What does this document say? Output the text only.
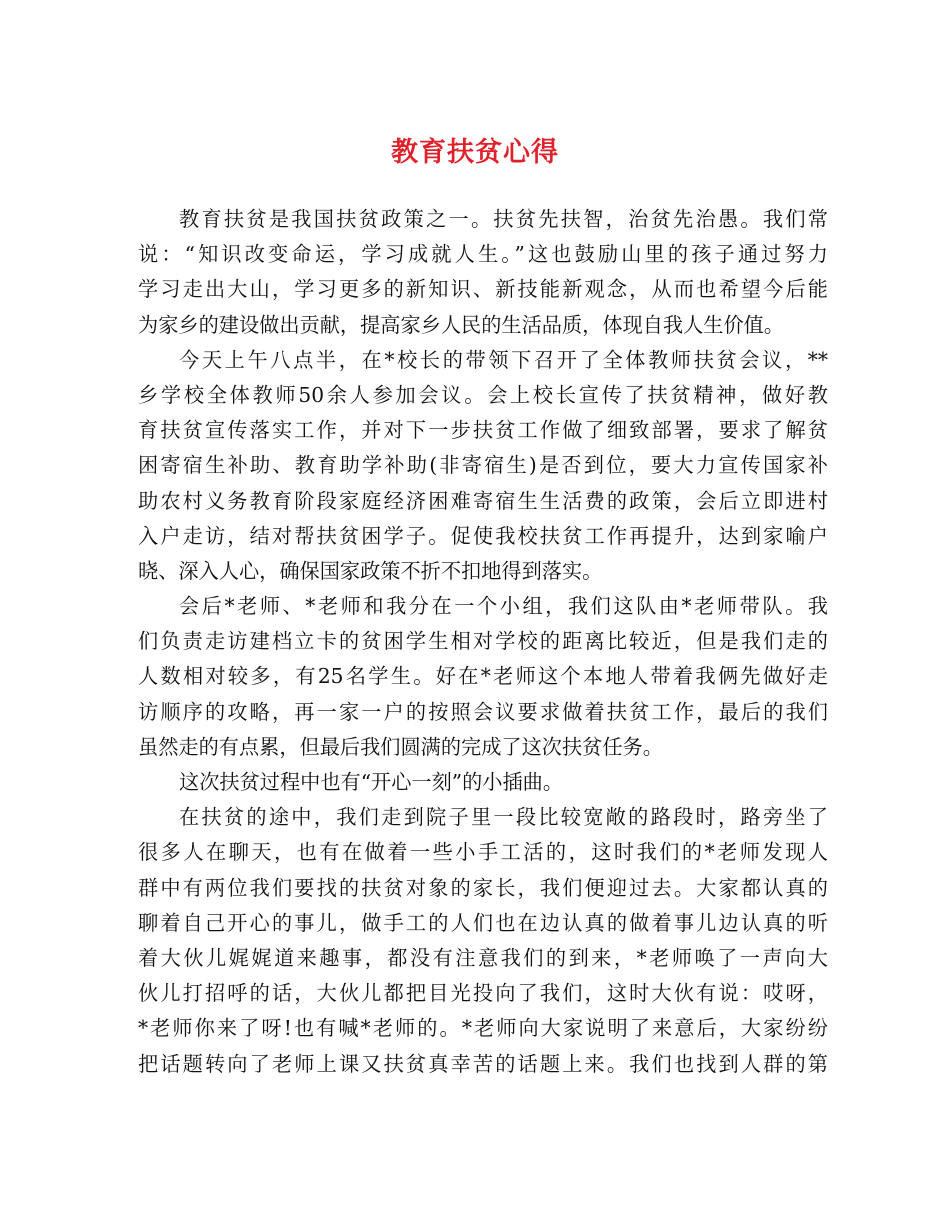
教育扶贫心得
教育扶贫是我国扶贫政策之一。扶贫先扶智，治贫先治愚。我们常
说：“知识改变命运，学习成就人生。”这也鼓励山里的孩子通过努力
学习走出大山，学习更多的新知识、新技能新观念，从而也希望今后能
为家乡的建设做出贡献，提高家乡人民的生活品质，体现自我人生价值。
今天上午八点半，在*校长的带领下召开了全体教师扶贫会议，**
乡学校全体教师50余人参加会议。会上校长宣传了扶贫精神，做好教
育扶贫宣传落实工作，并对下一步扶贫工作做了细致部署，要求了解贫
困寄宿生补助、教育助学补助(非寄宿生)是否到位，要大力宣传国家补
助农村义务教育阶段家庭经济困难寄宿生生活费的政策，会后立即进村
入户走访，结对帮扶贫困学子。促使我校扶贫工作再提升，达到家喻户
晓、深入人心，确保国家政策不折不扣地得到落实。
会后*老师、*老师和我分在一个小组，我们这队由*老师带队。我
们负责走访建档立卡的贫困学生相对学校的距离比较近，但是我们走的
人数相对较多，有25名学生。好在*老师这个本地人带着我俩先做好走
访顺序的攻略，再一家一户的按照会议要求做着扶贫工作，最后的我们
虽然走的有点累，但最后我们圆满的完成了这次扶贫任务。
这次扶贫过程中也有“开心一刻”的小插曲。
在扶贫的途中，我们走到院子里一段比较宽敞的路段时，路旁坐了
很多人在聊天，也有在做着一些小手工活的，这时我们的*老师发现人
群中有两位我们要找的扶贫对象的家长，我们便迎过去。大家都认真的
聊着自己开心的事儿，做手工的人们也在边认真的做着事儿边认真的听
着大伙儿娓娓道来趣事，都没有注意我们的到来，*老师唤了一声向大
伙儿打招呼的话，大伙儿都把目光投向了我们，这时大伙有说：哎呀，
*老师你来了呀!也有喊*老师的。*老师向大家说明了来意后，大家纷纷
把话题转向了老师上课又扶贫真幸苦的话题上来。我们也找到人群的第
